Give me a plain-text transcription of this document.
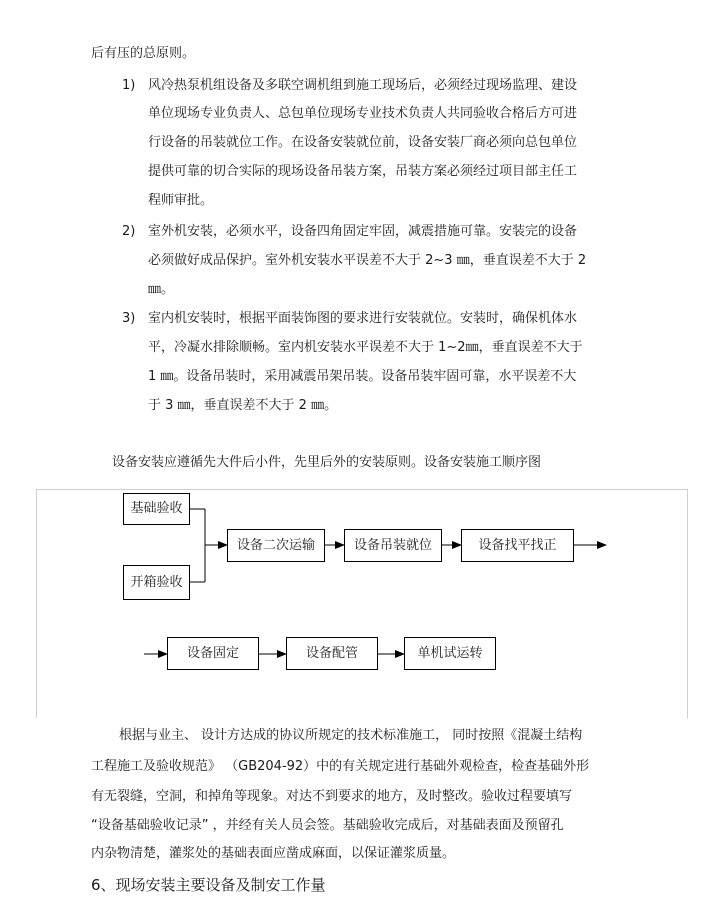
后有压的总原则。
1) 风冷热泵机组设备及多联空调机组到施工现场后，必须经过现场监理、建设
单位现场专业负责人、总包单位现场专业技术负责人共同验收合格后方可进
行设备的吊装就位工作。在设备安装就位前，设备安装厂商必须向总包单位
提供可靠的切合实际的现场设备吊装方案，吊装方案必须经过项目部主任工
程师审批。
2) 室外机安装，必须水平，设备四角固定牢固，减震措施可靠。安装完的设备
必须做好成品保护。室外机安装水平误差不大于 2~3 ㎜，垂直误差不大于 2
㎜。
3) 室内机安装时，根据平面装饰图的要求进行安装就位。安装时，确保机体水
平，冷凝水排除顺畅。室内机安装水平误差不大于 1~2㎜，垂直误差不大于
1 ㎜。设备吊装时，采用减震吊架吊装。设备吊装牢固可靠，水平误差不大
于 3 ㎜，垂直误差不大于 2 ㎜。
设备安装应遵循先大件后小件，先里后外的安装原则。设备安装施工顺序图
基础验收
开箱验收
设备二次运输	设备吊装就位	设备找平找正
设备固定	设备配管	单机试运转
根据与业主、 设计方达成的协议所规定的技术标准施工， 同时按照《混凝土结构
工程施工及验收规范》 （GB204-92）中的有关规定进行基础外观检查，检查基础外形
有无裂缝，空洞，和掉角等现象。对达不到要求的地方，及时整改。验收过程要填写
“设备基础验收记录” ，并经有关人员会签。基础验收完成后，对基础表面及预留孔
内杂物清楚，灌浆处的基础表面应凿成麻面，以保证灌浆质量。
6、现场安装主要设备及制安工作量
